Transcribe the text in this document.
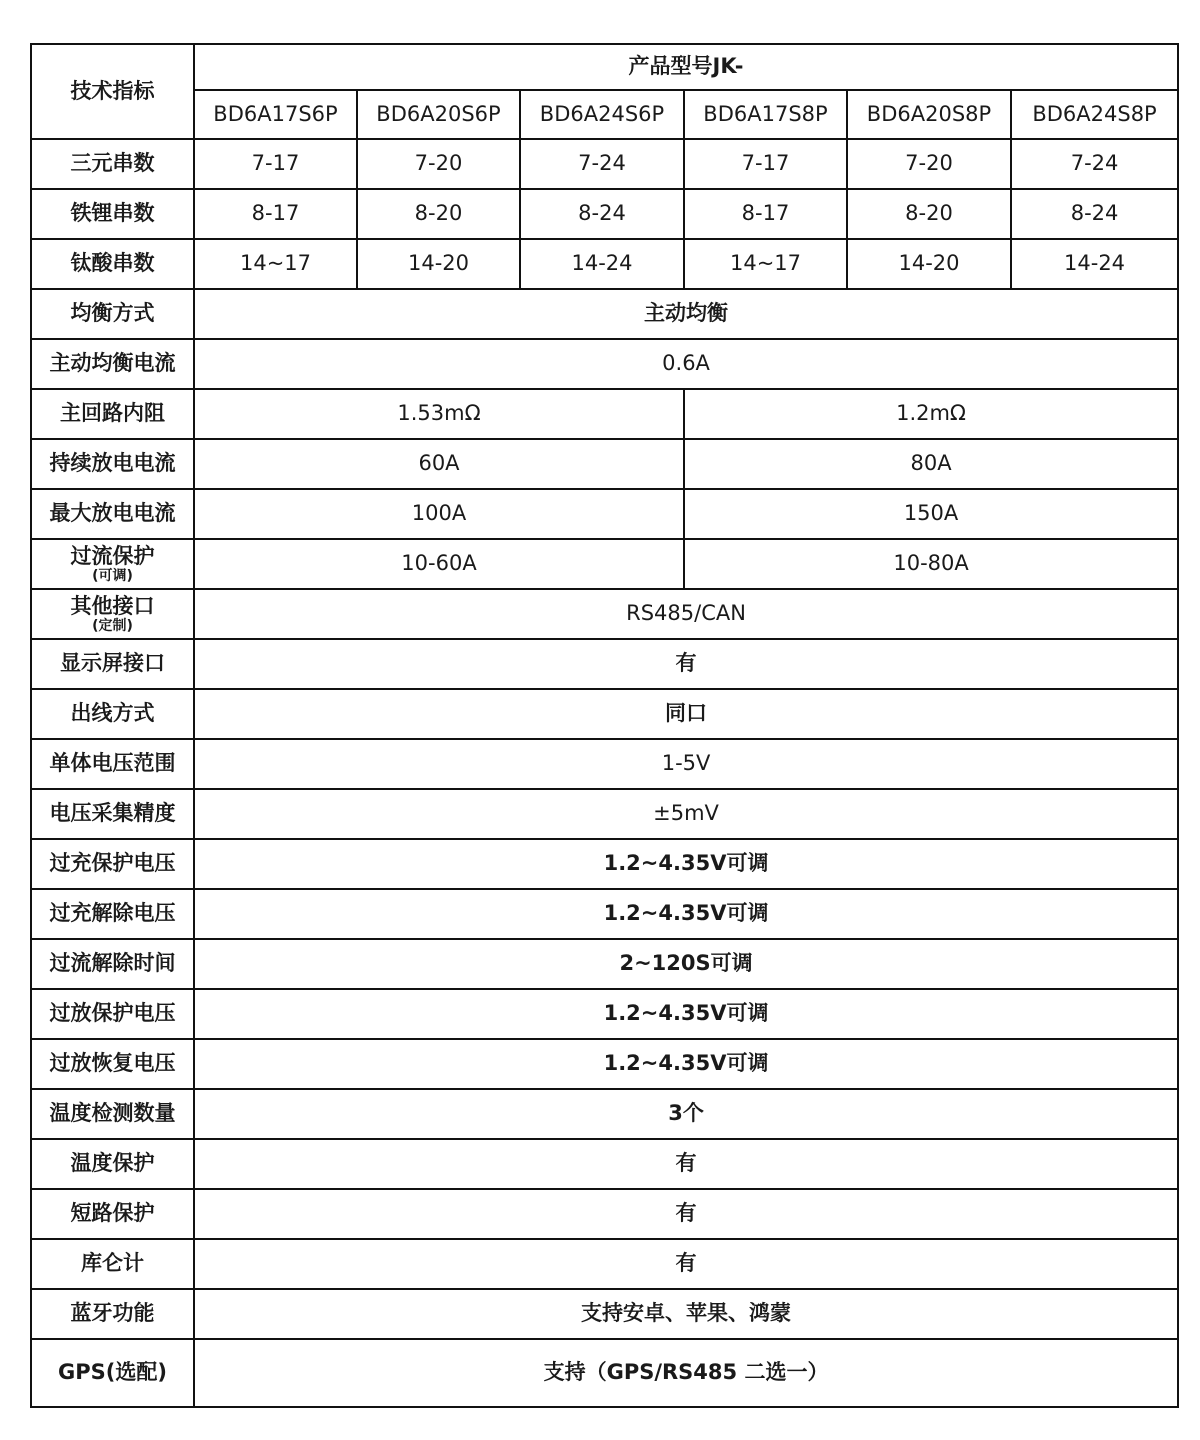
技术指标	产品型号JK-					
	BD6A17S6P	BD6A20S6P	BD6A24S6P	BD6A17S8P	BD6A20S8P	BD6A24S8P
三元串数	7-17	7-20	7-24	7-17	7-20	7-24
铁锂串数	8-17	8-20	8-24	8-17	8-20	8-24
钛酸串数	14~17	14-20	14-24	14~17	14-20	14-24
均衡方式	主动均衡					
主动均衡电流	0.6A					
主回路内阻	1.53mΩ			1.2mΩ		
持续放电电流	60A			80A		
最大放电电流	100A			150A		

过流保护
(可调)	10-60A			10-80A		

其他接口
(定制)	RS485/CAN					
显示屏接口	有					
出线方式	同口					
单体电压范围	1-5V					
电压采集精度	±5mV					
过充保护电压	1.2~4.35V可调					
过充解除电压	1.2~4.35V可调					
过流解除时间	2~120S可调					
过放保护电压	1.2~4.35V可调					
过放恢复电压	1.2~4.35V可调					
温度检测数量	3个					
温度保护	有					
短路保护	有					
库仑计	有					
蓝牙功能	支持安卓、苹果、鸿蒙					
GPS(选配)	支持（GPS/RS485 二选一）					
